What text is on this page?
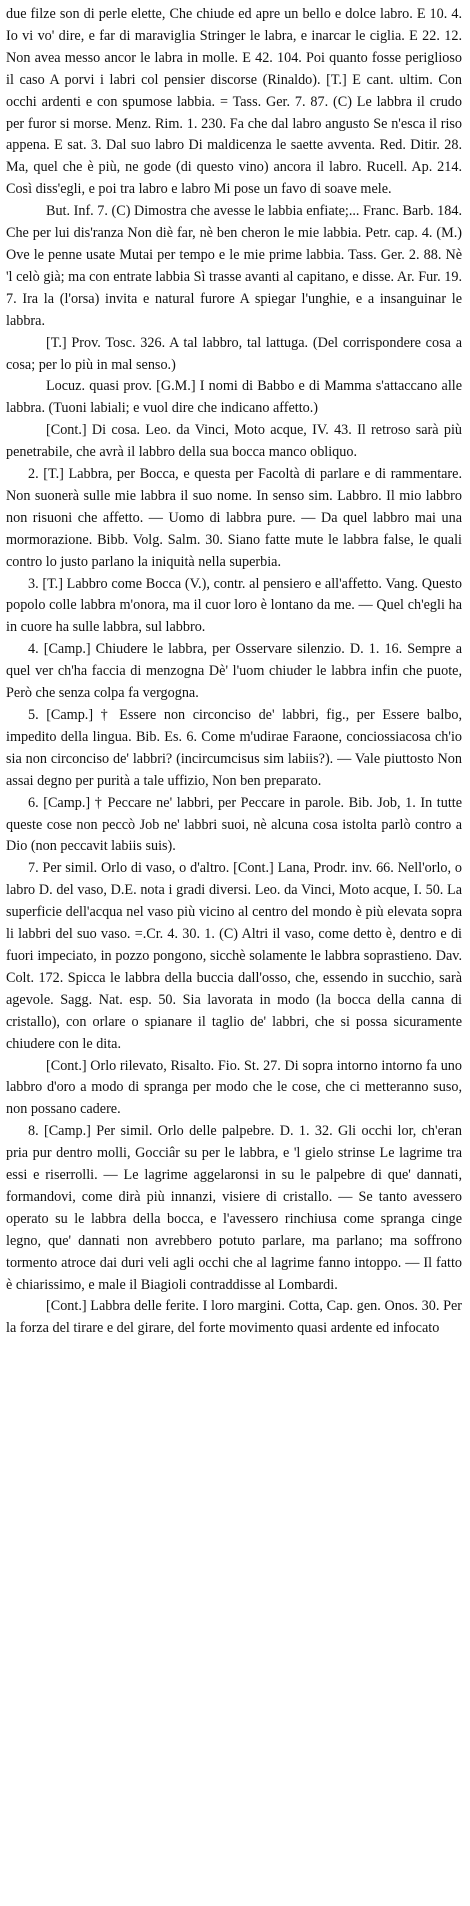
due filze son di perle elette, Che chiude ed apre un bello e dolce labro. E 10. 4. Io vi vo' dire, e far di maraviglia Stringer le labra, e inarcar le ciglia. E 22. 12. Non avea messo ancor le labra in molle. E 42. 104. Poi quanto fosse periglioso il caso A porvi i labri col pensier discorse (Rinaldo). [T.] E cant. ultim. Con occhi ardenti e con spumose labbia. = Tass. Ger. 7. 87. (C) Le labbra il crudo per furor si morse. Menz. Rim. 1. 230. Fa che dal labro angusto Se n'esca il riso appena. E sat. 3. Dal suo labro Di maldicenza le saette avventa. Red. Ditir. 28. Ma, quel che è più, ne gode (di questo vino) ancora il labro. Rucell. Ap. 214. Così diss'egli, e poi tra labro e labro Mi pose un favo di soave mele.

But. Inf. 7. (C) Dimostra che avesse le labbia enfiate;... Franc. Barb. 184. Che per lui dis'ranza Non diè far, nè ben cheron le mie labbia. Petr. cap. 4. (M.) Ove le penne usate Mutai per tempo e le mie prime labbia. Tass. Ger. 2. 88. Nè 'l celò già; ma con entrate labbia Sì trasse avanti al capitano, e disse. Ar. Fur. 19. 7. Ira la (l'orsa) invita e natural furore A spiegar l'unghie, e a insanguinar le labbra.

[T.] Prov. Tosc. 326. A tal labbro, tal lattuga. (Del corrispondere cosa a cosa; per lo più in mal senso.)

Locuz. quasi prov. [G.M.] I nomi di Babbo e di Mamma s'attaccano alle labbra. (Tuoni labiali; e vuol dire che indicano affetto.)

[Cont.] Di cosa. Leo. da Vinci, Moto acque, IV. 43. Il retroso sarà più penetrabile, che avrà il labbro della sua bocca manco obliquo.

2. [T.] Labbra, per Bocca, e questa per Facoltà di parlare e di rammentare. Non suonerà sulle mie labbra il suo nome. In senso sim. Labbro. Il mio labbro non risuoni che affetto. — Uomo di labbra pure. — Da quel labbro mai una mormorazione. Bibb. Volg. Salm. 30. Siano fatte mute le labbra false, le quali contro lo justo parlano la iniquità nella superbia.

3. [T.] Labbro come Bocca (V.), contr. al pensiero e all'affetto. Vang. Questo popolo colle labbra m'onora, ma il cuor loro è lontano da me. — Quel ch'egli ha in cuore ha sulle labbra, sul labbro.

4. [Camp.] Chiudere le labbra, per Osservare silenzio. D. 1. 16. Sempre a quel ver ch'ha faccia di menzogna Dè' l'uom chiuder le labbra infin che puote, Però che senza colpa fa vergogna.

5. [Camp.] † Essere non circonciso de' labbri, fig., per Essere balbo, impedito della lingua. Bib. Es. 6. Come m'udirae Faraone, conciossiacosa ch'io sia non circonciso de' labbri? (incircumcisus sim labiis?). — Vale piuttosto Non assai degno per purità a tale uffizio, Non ben preparato.

6. [Camp.] † Peccare ne' labbri, per Peccare in parole. Bib. Job, 1. In tutte queste cose non peccò Job ne' labbri suoi, nè alcuna cosa istolta parlò contro a Dio (non peccavit labiis suis).

7. Per simil. Orlo di vaso, o d'altro. [Cont.] Lana, Prodr. inv. 66. Nell'orlo, o labro D. del vaso, D.E. nota i gradi diversi. Leo. da Vinci, Moto acque, I. 50. La superficie dell'acqua nel vaso più vicino al centro del mondo è più elevata sopra li labbri del suo vaso. =.Cr. 4. 30. 1. (C) Altri il vaso, come detto è, dentro e di fuori impeciato, in pozzo pongono, sicchè solamente le labbra soprastieno. Dav. Colt. 172. Spicca le labbra della buccia dall'osso, che, essendo in succhio, sarà agevole. Sagg. Nat. esp. 50. Sia lavorata in modo (la bocca della canna di cristallo), con orlare o spianare il taglio de' labbri, che si possa sicuramente chiudere con le dita.

[Cont.] Orlo rilevato, Risalto. Fio. St. 27. Di sopra intorno intorno fa uno labbro d'oro a modo di spranga per modo che le cose, che ci metteranno suso, non possano cadere.

8. [Camp.] Per simil. Orlo delle palpebre. D. 1. 32. Gli occhi lor, ch'eran pria pur dentro molli, Gocciâr su per le labbra, e 'l gielo strinse Le lagrime tra essi e riserrolli. — Le lagrime aggelaronsi in su le palpebre di que' dannati, formandovi, come dirà più innanzi, visiere di cristallo. — Se tanto avessero operato su le labbra della bocca, e l'avessero rinchiusa come spranga cinge legno, que' dannati non avrebbero potuto parlare, ma parlano; ma soffrono tormento atroce dai duri veli agli occhi che al lagrime fanno intoppo. — Il fatto è chiarissimo, e male il Biagioli contraddisse al Lombardi.

[Cont.] Labbra delle ferite. I loro margini. Cotta, Cap. gen. Onos. 30. Per la forza del tirare e del girare, del forte movimento quasi ardente ed infocato
